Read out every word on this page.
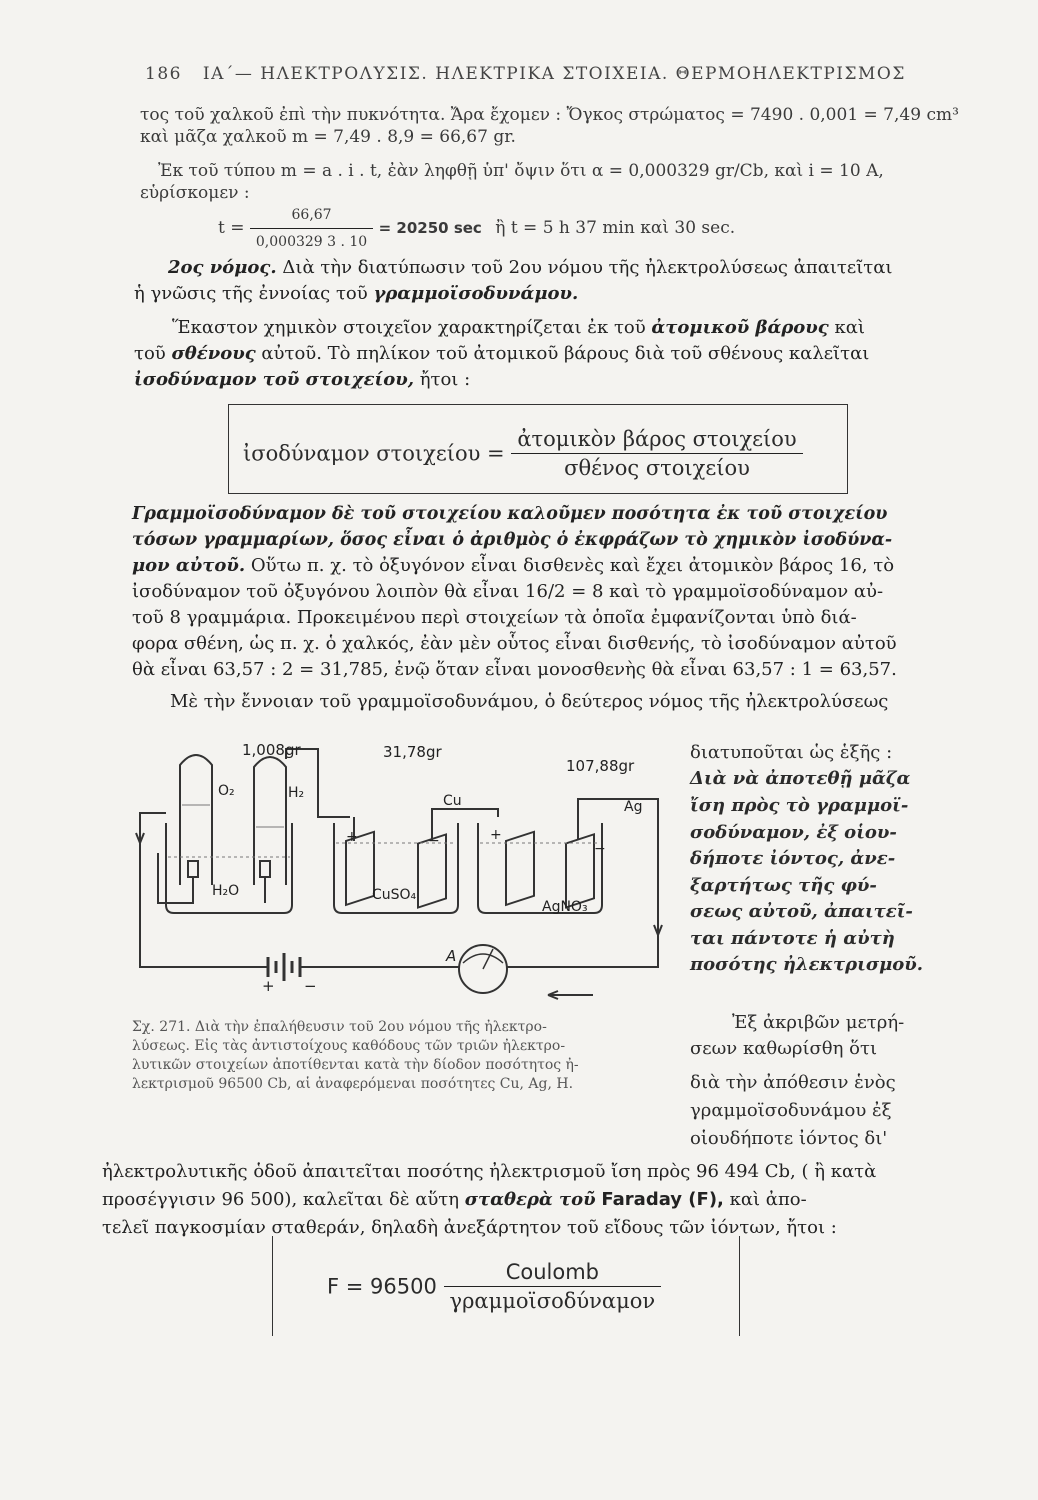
186 ΙΑ΄— ΗΛΕΚΤΡΟΛΥΣΙΣ. ΗΛΕΚΤΡΙΚΑ ΣΤΟΙΧΕΙΑ. ΘΕΡΜΟΗΛΕΚΤΡΙΣΜΟΣ
τος τοῦ χαλκοῦ ἐπὶ τὴν πυκνότητα. Ἄρα ἔχομεν : Ὄγκος στρώματος = 7490 . 0,001 = 7,49 cm³
καὶ μᾶζα χαλκοῦ m = 7,49 . 8,9 = 66,67 gr.
Ἐκ τοῦ τύπου m = a . i . t, ἐὰν ληφθῇ ὑπ' ὄψιν ὅτι α = 0,000329 gr/Cb, καὶ i = 10 A,
εὑρίσκομεν :
$t = \frac{66,67}{0,000329 3 . 10} = 20250$ sec ἢ t = 5 h 37 min καὶ 30 sec.
2ος νόμος. Διὰ τὴν διατύπωσιν τοῦ 2ου νόμου τῆς ἠλεκτρολύσεως ἀπαιτεῖται
ἡ γνῶσις τῆς ἐννοίας τοῦ γραμμοϊσοδυνάμου.
Ἕκαστον χημικὸν στοιχεῖον χαρακτηρίζεται ἐκ τοῦ ἀτομικοῦ βάρους καὶ
τοῦ σθένους αὐτοῦ. Τὸ πηλίκον τοῦ ἀτομικοῦ βάρους διὰ τοῦ σθένους καλεῖται
ἰσοδύναμον τοῦ στοιχείου, ἤτοι :
ἰσοδύναμον $\sigma\tau o\iota\chi\varepsilon ίo\upsilon = \frac{\text{ἀτομικὸν βάρος στοιχείου}}{\text{σθένος στοιχείου}}$
Γραμμοϊσοδύναμον δὲ τοῦ στοιχείου καλοῦμεν ποσότητα ἐκ τοῦ στοιχείου
τόσων γραμμαρίων, ὅσος εἶναι ὁ ἀριθμὸς ὁ ἐκφράζων τὸ χημικὸν ἰσοδύνα-
μον αὐτοῦ. Οὕτω π. χ. τὸ ὀξυγόνον εἶναι δισθενὲς καὶ ἔχει ἀτομικὸν βάρος 16, τὸ
ἰσοδύναμον τοῦ ὀξυγόνου λοιπὸν θὰ εἶναι 16/2 = 8 καὶ τὸ γραμμοϊσοδύναμον αὐ-
τοῦ 8 γραμμάρια. Προκειμένου περὶ στοιχείων τὰ ὁποῖα ἐμφανίζονται ὑπὸ διά-
φορα σθένη, ὡς π. χ. ὁ χαλκός, ἐὰν μὲν οὗτος εἶναι δισθενής, τὸ ἰσοδύναμον αὐτοῦ
θὰ εἶναι 63,57 : 2 = 31,785, ἐνῷ ὅταν εἶναι μονοσθενὴς θὰ εἶναι 63,57 : 1 = 63,57.
Μὲ τὴν ἔννοιαν τοῦ γραμμοϊσοδυνάμου, ὁ δεύτερος νόμος τῆς ἠλεκτρολύσεως
1,008gr	31,78gr
107,88gr
O₂	H₂
H₂O
Cu
CuSO₄
Ag
AgNO₃
A
+	−	+
−
+ −
Σχ. 271. Διὰ τὴν ἐπαλήθευσιν τοῦ 2ου νόμου τῆς ἠλεκτρο-
λύσεως. Εἰς τὰς ἀντιστοίχους καθόδους τῶν τριῶν ἠλεκτρο-
λυτικῶν στοιχείων ἀποτίθενται κατὰ τὴν δίοδον ποσότητος ἠ-
λεκτρισμοῦ 96500 Cb, αἱ ἀναφερόμεναι ποσότητες Cu, Ag, H.
διατυποῦται ὡς ἑξῆς :
Διὰ νὰ ἀποτεθῇ μᾶζα
ἴση πρὸς τὸ γραμμοϊ-
σοδύναμον, ἐξ οἱου-
δήποτε ἰόντος, ἀνε-
ξαρτήτως τῆς φύ-
σεως αὐτοῦ, ἀπαιτεῖ-
ται πάντοτε ἡ αὐτὴ
ποσότης ἠλεκτρισμοῦ.
Ἐξ ἀκριβῶν μετρή-
σεων καθωρίσθη ὅτι
διὰ τὴν ἀπόθεσιν ἑνὸς
γραμμοϊσοδυνάμου ἐξ
οἱουδήποτε ἰόντος δι'
ἠλεκτρολυτικῆς ὁδοῦ ἀπαιτεῖται ποσότης ἠλεκτρισμοῦ ἴση πρὸς 96 494 Cb, ( ἢ κατὰ
προσέγγισιν 96 500), καλεῖται δὲ αὕτη σταθερὰ τοῦ Faraday (F), καὶ ἀπο-
τελεῖ παγκοσμίαν σταθεράν, δηλαδὴ ἀνεξάρτητον τοῦ εἴδους τῶν ἰόντων, ἤτοι :
$F = 96500 \frac{\text{Coulomb}}{\text{γραμμοϊσοδύναμον}}$
